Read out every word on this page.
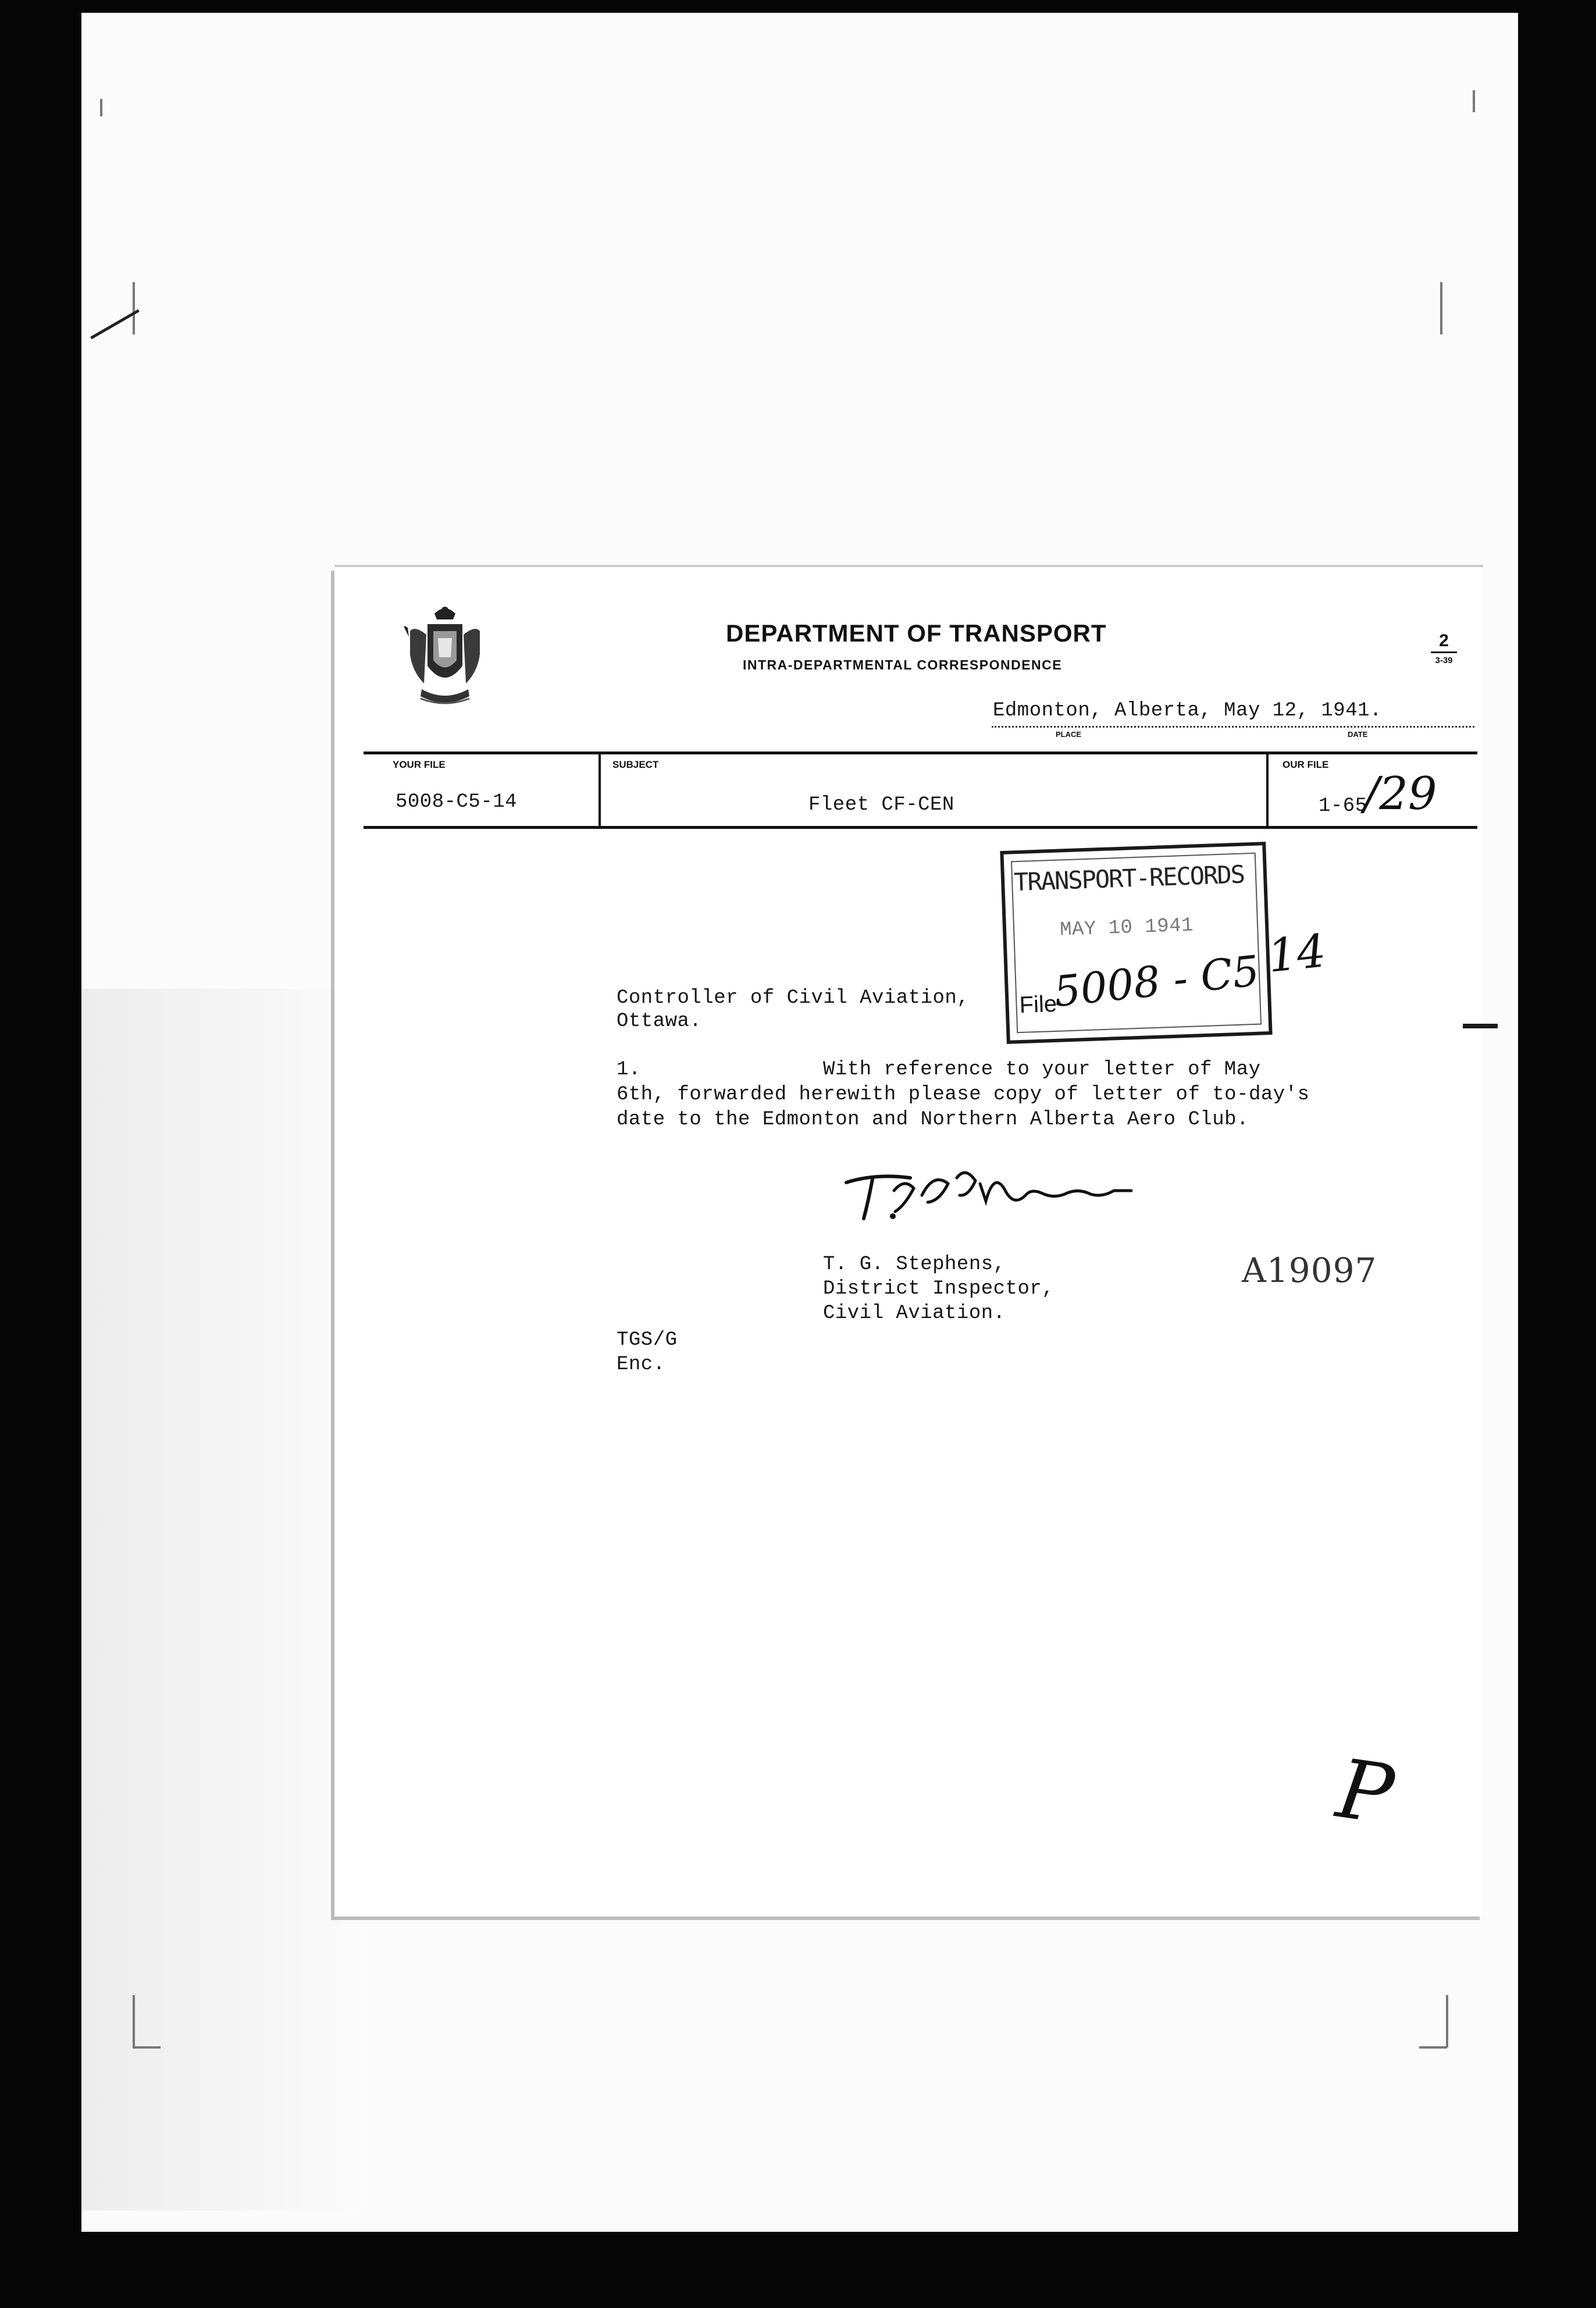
DEPARTMENT OF TRANSPORT
INTRA-DEPARTMENTAL CORRESPONDENCE
2
3-39
Edmonton, Alberta, May 12, 1941.
PLACE	DATE
YOUR FILE
5008-C5-14
SUBJECT
Fleet CF-CEN
OUR FILE
1-65
/29
TRANSPORT-RECORDS
MAY 10 1941
File
5008 - C5 14
Controller of Civil Aviation,
Ottawa.
1.	With reference to your letter of May
6th, forwarded herewith please copy of letter of to-day's
date to the Edmonton and Northern Alberta Aero Club.
T. G. Stephens,
District Inspector,
Civil Aviation.
A19097
TGS/G
Enc.
P
